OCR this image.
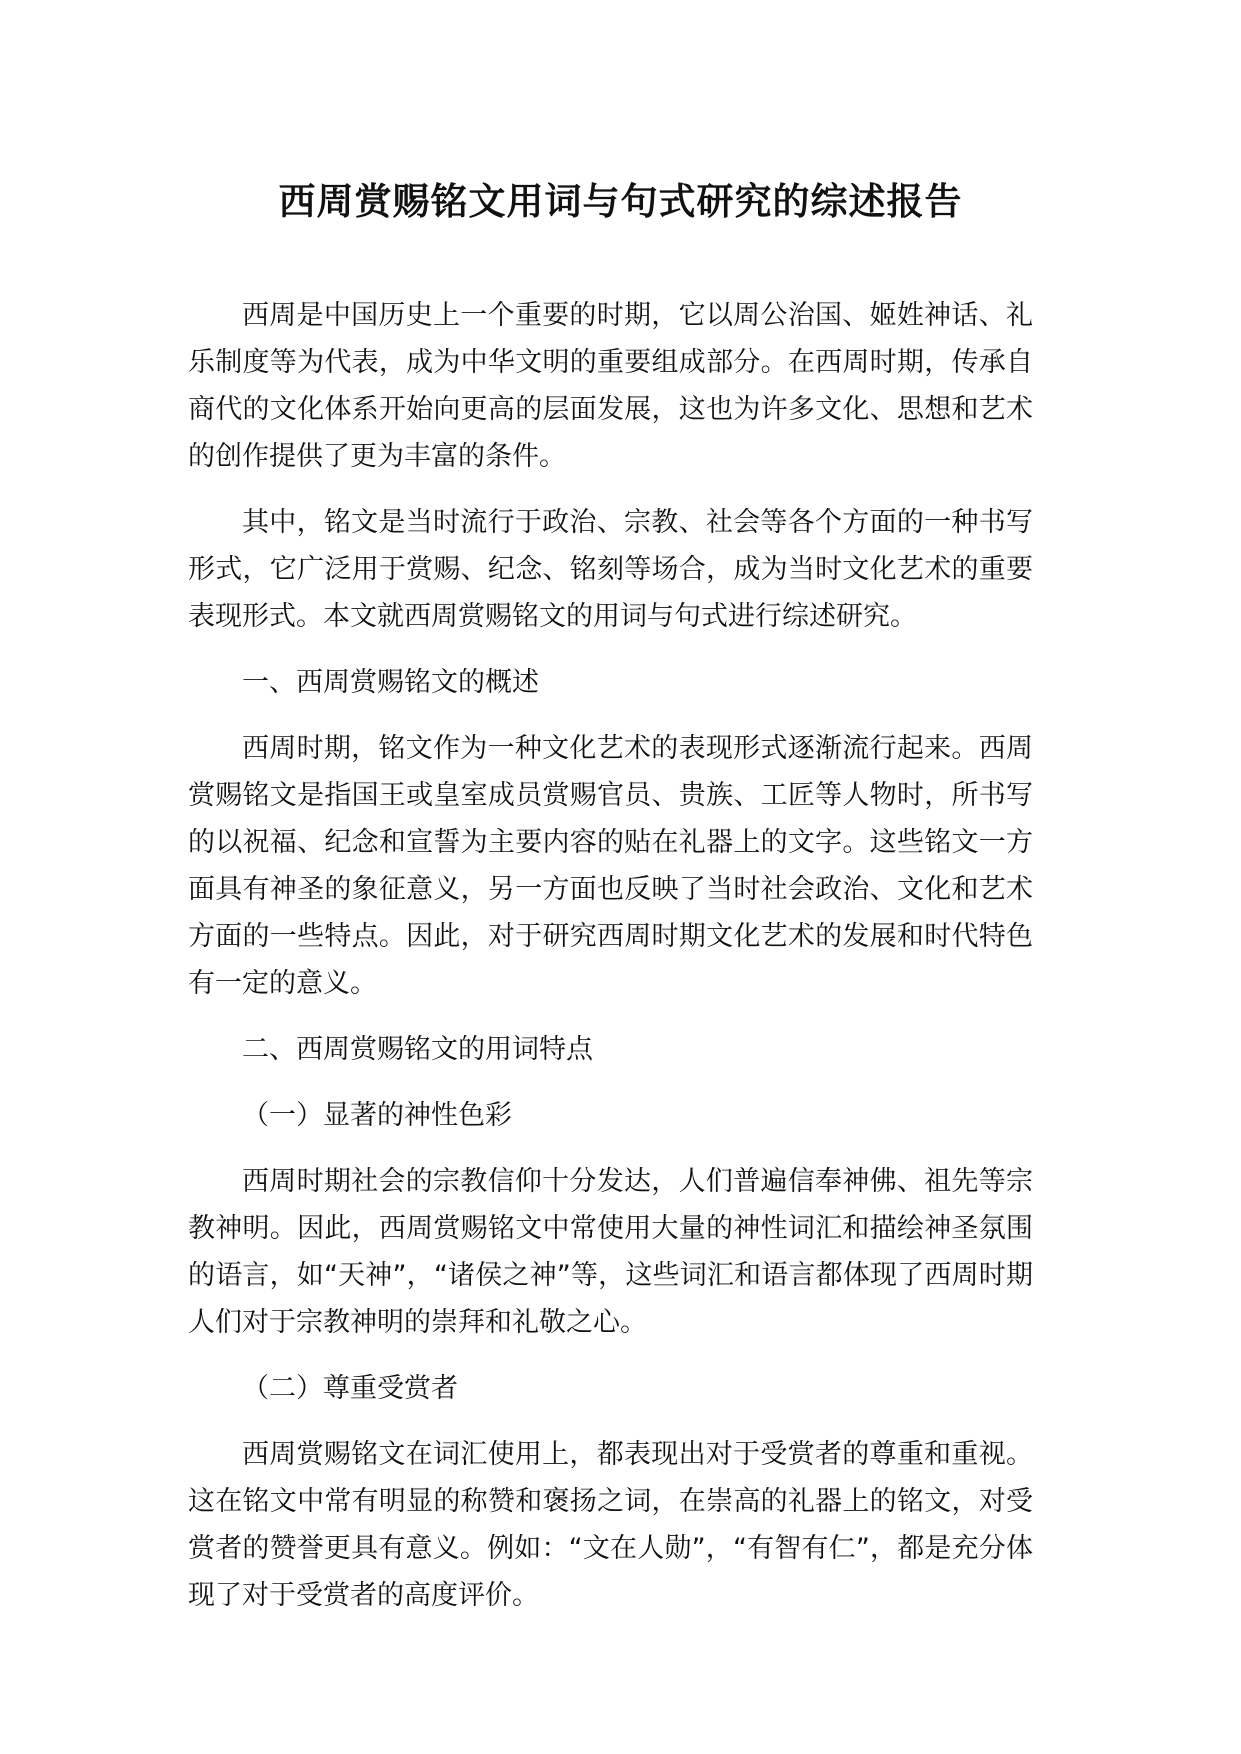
西周赏赐铭文用词与句式研究的综述报告

西周是中国历史上一个重要的时期，它以周公治国、姬姓神话、礼乐制度等为代表，成为中华文明的重要组成部分。在西周时期，传承自商代的文化体系开始向更高的层面发展，这也为许多文化、思想和艺术的创作提供了更为丰富的条件。

其中，铭文是当时流行于政治、宗教、社会等各个方面的一种书写形式，它广泛用于赏赐、纪念、铭刻等场合，成为当时文化艺术的重要表现形式。本文就西周赏赐铭文的用词与句式进行综述研究。

一、西周赏赐铭文的概述

西周时期，铭文作为一种文化艺术的表现形式逐渐流行起来。西周赏赐铭文是指国王或皇室成员赏赐官员、贵族、工匠等人物时，所书写的以祝福、纪念和宣誓为主要内容的贴在礼器上的文字。这些铭文一方面具有神圣的象征意义，另一方面也反映了当时社会政治、文化和艺术方面的一些特点。因此，对于研究西周时期文化艺术的发展和时代特色有一定的意义。

二、西周赏赐铭文的用词特点

（一）显著的神性色彩

西周时期社会的宗教信仰十分发达，人们普遍信奉神佛、祖先等宗教神明。因此，西周赏赐铭文中常使用大量的神性词汇和描绘神圣氛围的语言，如“天神”，“诸侯之神”等，这些词汇和语言都体现了西周时期人们对于宗教神明的崇拜和礼敬之心。

（二）尊重受赏者

西周赏赐铭文在词汇使用上，都表现出对于受赏者的尊重和重视。这在铭文中常有明显的称赞和褒扬之词，在崇高的礼器上的铭文，对受赏者的赞誉更具有意义。例如：“文在人勋”，“有智有仁”，都是充分体现了对于受赏者的高度评价。
